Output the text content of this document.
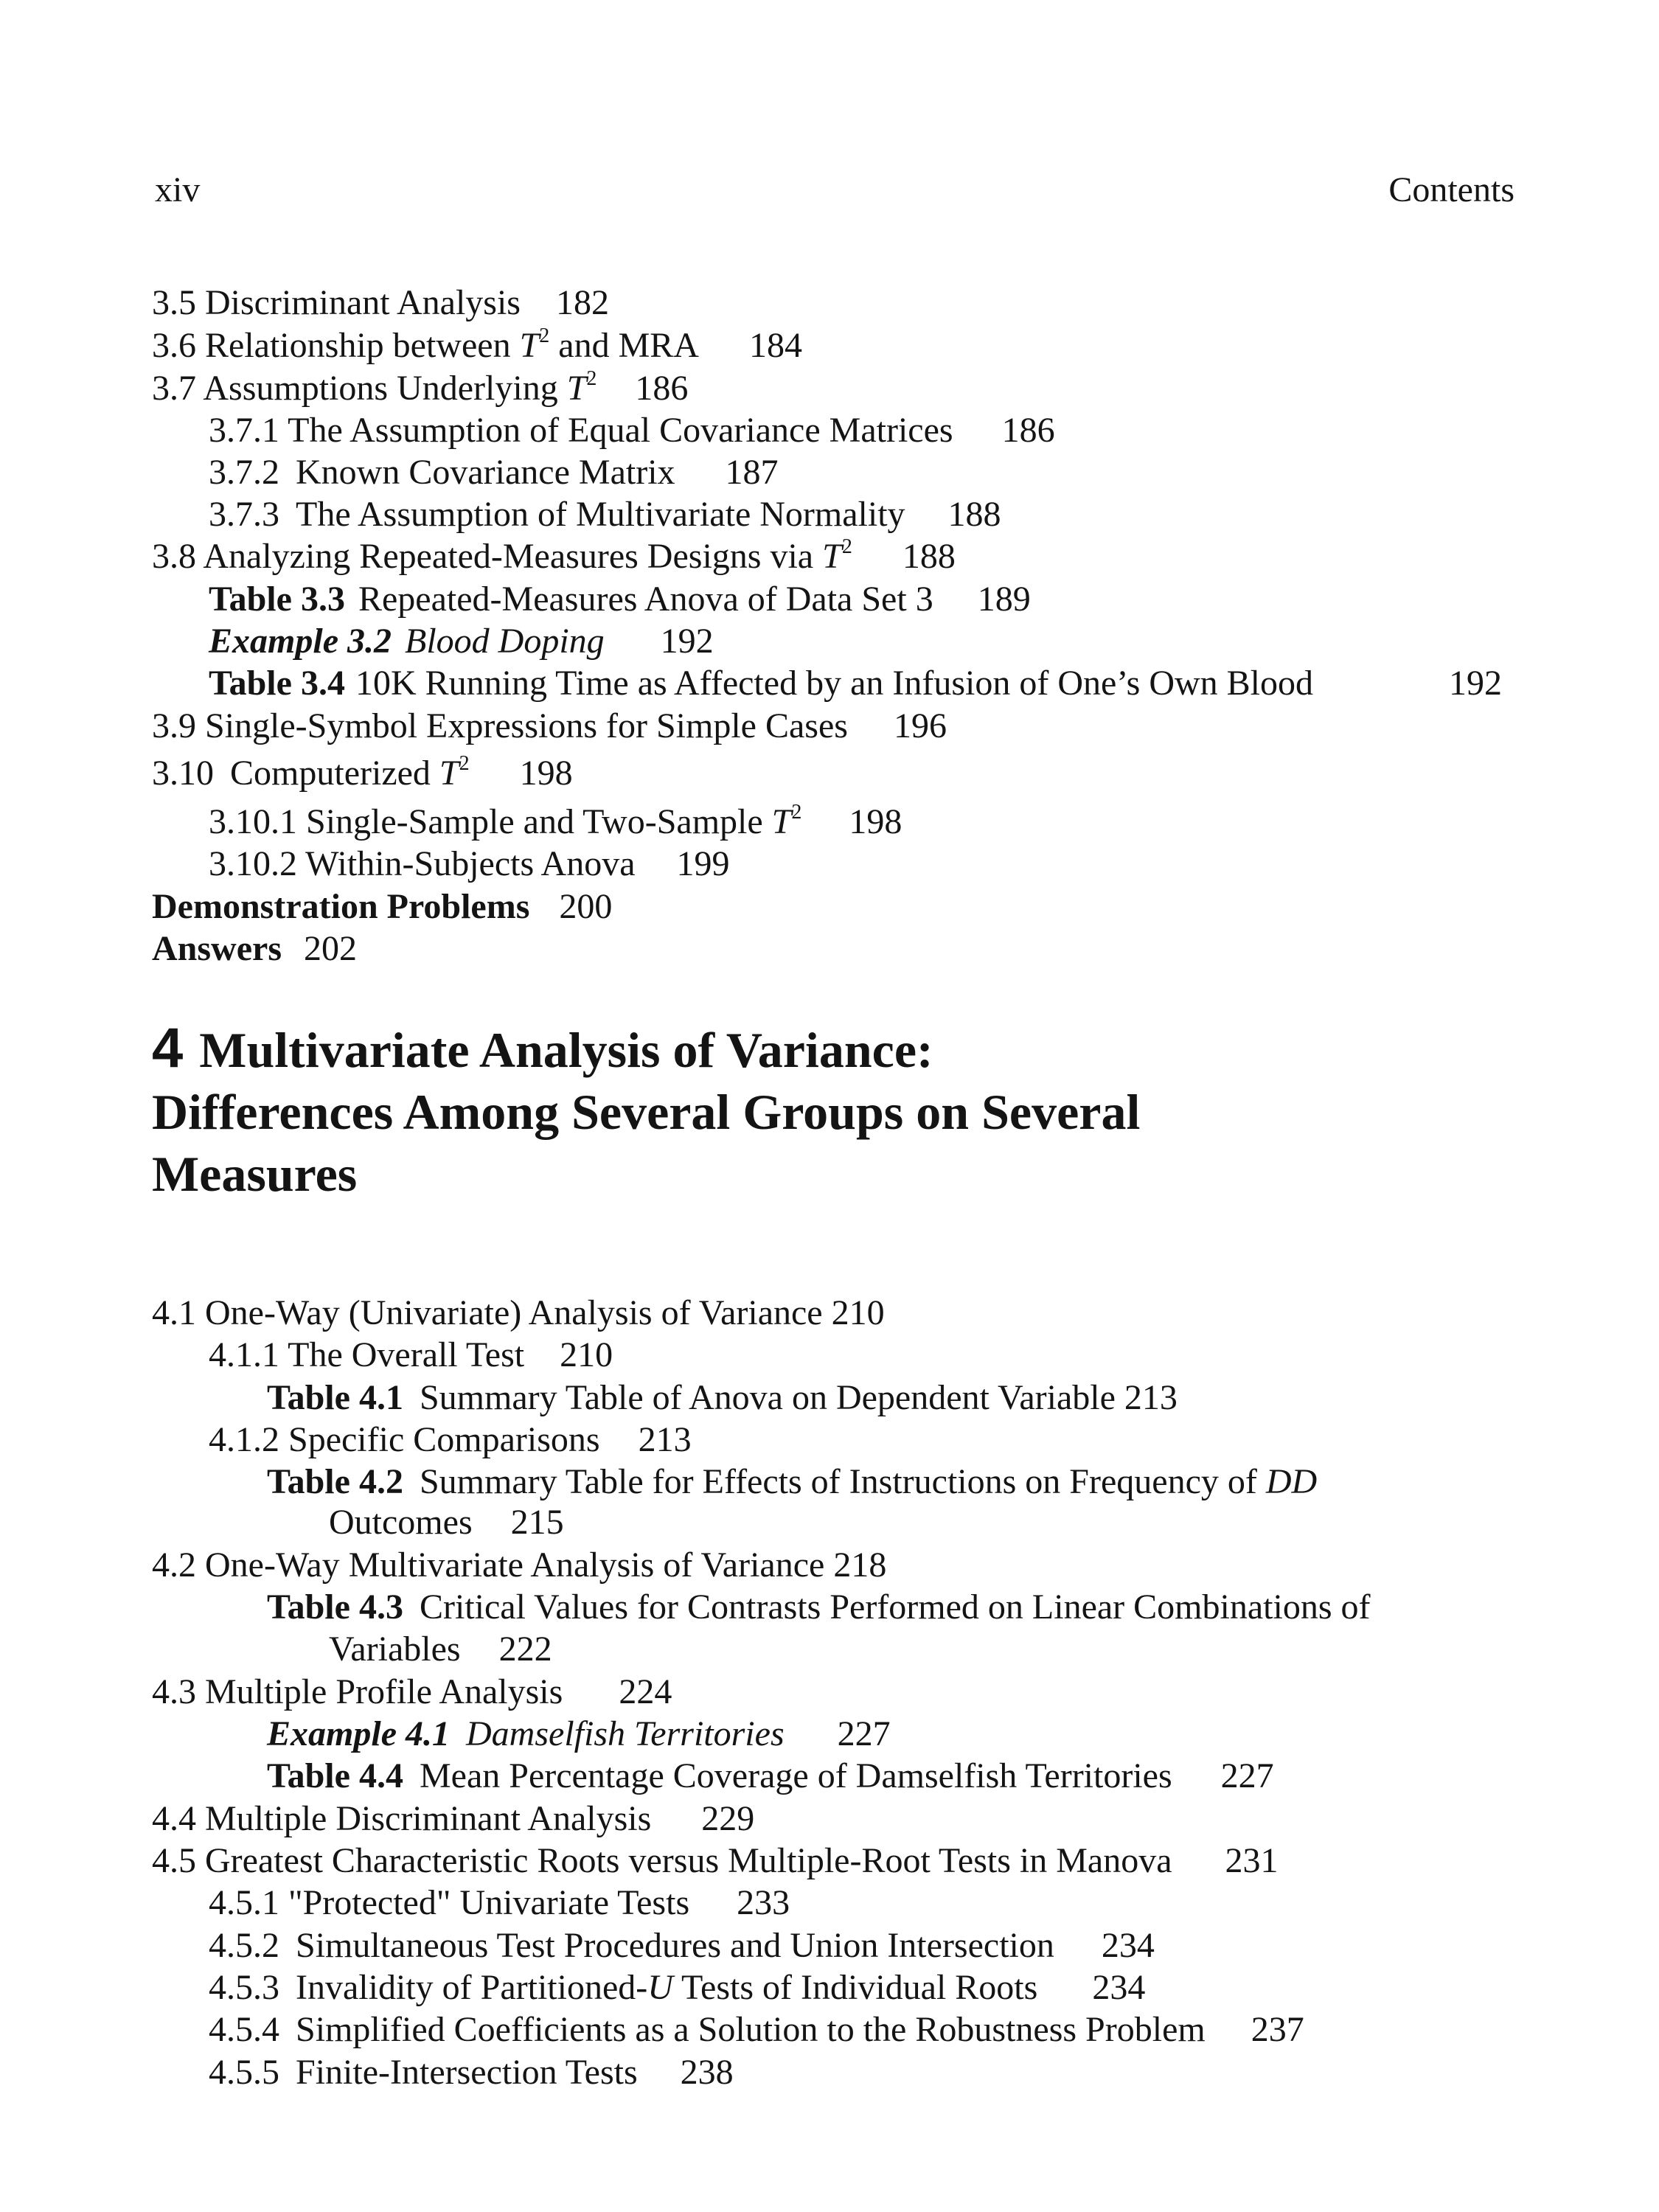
xiv	Contents
3.5 Discriminant Analysis 182
3.6 Relationship between $T^2$ and MRA 184
3.7 Assumptions Underlying $T^2$ 186
3.7.1 The Assumption of Equal Covariance Matrices 186
3.7.2 Known Covariance Matrix 187
3.7.3 The Assumption of Multivariate Normality 188
3.8 Analyzing Repeated-Measures Designs via $T^2$ 188
Table 3.3 Repeated-Measures Anova of Data Set 3 189
Example 3.2 Blood Doping 192
Table 3.4 10K Running Time as Affected by an Infusion of One’s Own Blood	192
3.9 Single-Symbol Expressions for Simple Cases 196
3.10 Computerized $T^2$ 198
3.10.1 Single-Sample and Two-Sample $T^2$ 198
3.10.2 Within-Subjects Anova 199
Demonstration Problems 200
Answers 202
4 Multivariate Analysis of Variance:
Differences Among Several Groups on Several
Measures
4.1 One-Way (Univariate) Analysis of Variance 210
4.1.1 The Overall Test 210
Table 4.1 Summary Table of Anova on Dependent Variable 213
4.1.2 Specific Comparisons 213
Table 4.2 Summary Table for Effects of Instructions on Frequency of DD
Outcomes 215
4.2 One-Way Multivariate Analysis of Variance 218
Table 4.3 Critical Values for Contrasts Performed on Linear Combinations of
Variables 222
4.3 Multiple Profile Analysis 224
Example 4.1 Damselfish Territories 227
Table 4.4 Mean Percentage Coverage of Damselfish Territories 227
4.4 Multiple Discriminant Analysis 229
4.5 Greatest Characteristic Roots versus Multiple-Root Tests in Manova 231
4.5.1 "Protected" Univariate Tests 233
4.5.2 Simultaneous Test Procedures and Union Intersection 234
4.5.3 Invalidity of Partitioned-U Tests of Individual Roots 234
4.5.4 Simplified Coefficients as a Solution to the Robustness Problem 237
4.5.5 Finite-Intersection Tests 238
